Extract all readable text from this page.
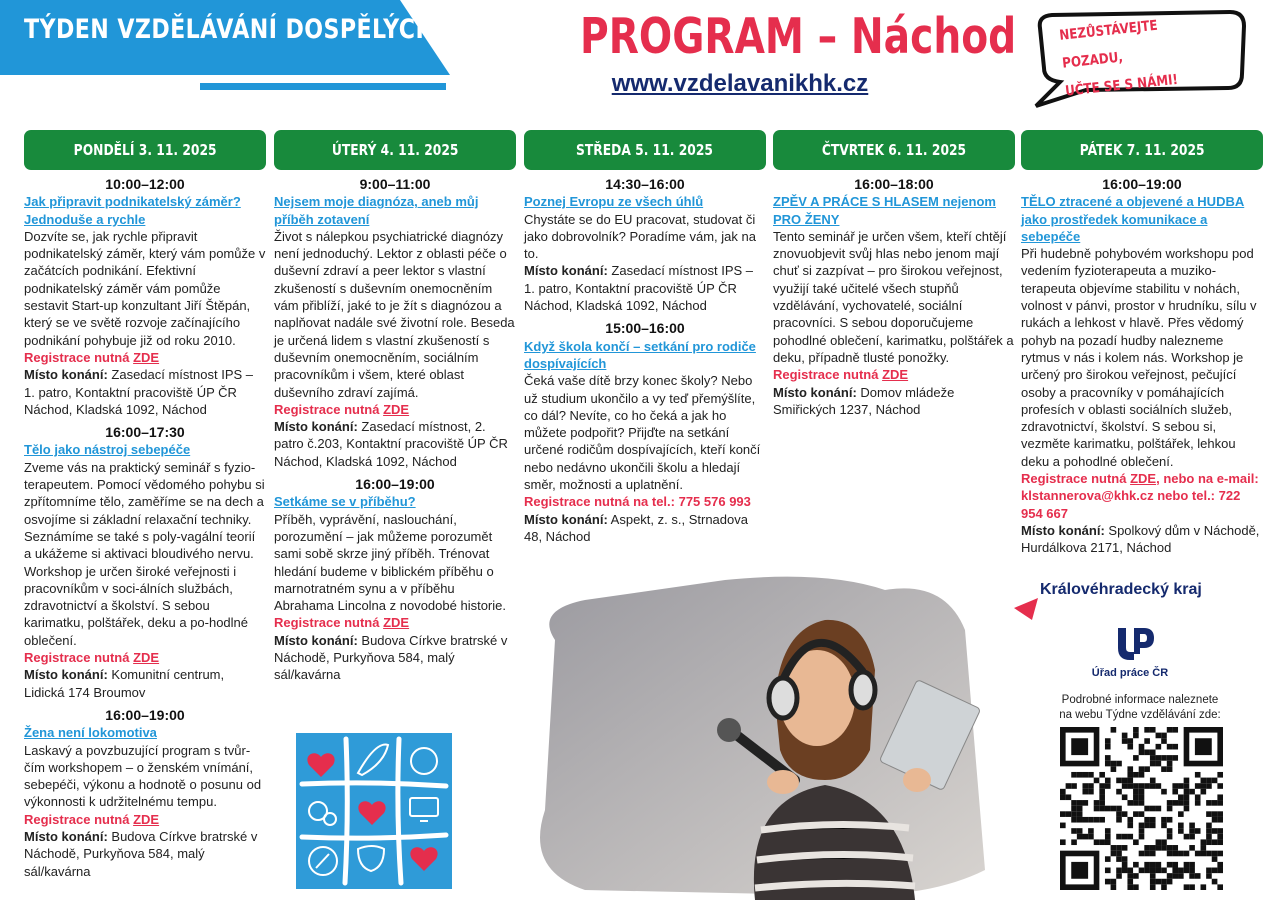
TÝDEN VZDĚLÁVÁNÍ DOSPĚLÝCH	PROGRAM – Náchod
www.vzdelavanikhk.cz
NEZŮSTÁVEJTE POZADU,
UČTE SE S NÁMI!
PONDĚLÍ 3. 11. 2025
10:00–12:00
Jak připravit podnikatelský záměr? Jednoduše a rychle
Dozvíte se, jak rychle připravit podnikatelský záměr, který vám pomůže v začátcích podnikání. Efektivní podnikatelský záměr vám pomůže sestavit Start-up konzultant Jiří Štěpán, který se ve světě rozvoje začínajícího podnikání pohybuje již od roku 2010.
Registrace nutná ZDE
Místo konání: Zasedací místnost IPS – 1. patro, Kontaktní pracoviště ÚP ČR Náchod, Kladská 1092, Náchod
16:00–17:30
Tělo jako nástroj sebepéče
Zveme vás na praktický seminář s fyzio-terapeutem. Pomocí vědomého pohybu si zpřítomníme tělo, zaměříme se na dech a osvojíme si základní relaxační techniky. Seznámíme se také s poly-vagální teorií a ukážeme si aktivaci bloudivého nervu. Workshop je určen široké veřejnosti i pracovníkům v soci-álních službách, zdravotnictví a školství. S sebou karimatku, polštářek, deku a po-hodlné oblečení.
Registrace nutná ZDE
Místo konání: Komunitní centrum, Lidická 174 Broumov
16:00–19:00
Žena není lokomotiva
Laskavý a povzbuzující program s tvůr-čím workshopem – o ženském vnímání, sebepéči, výkonu a hodnotě o posunu od výkonnosti k udržitelnému tempu.
Registrace nutná ZDE
Místo konání: Budova Církve bratrské v Náchodě, Purkyňova 584, malý sál/kavárna
ÚTERÝ 4. 11. 2025
9:00–11:00
Nejsem moje diagnóza, aneb můj příběh zotavení
Život s nálepkou psychiatrické diagnózy není jednoduchý. Lektor z oblasti péče o duševní zdraví a peer lektor s vlastní zkušeností s duševním onemocněním vám přiblíží, jaké to je žít s diagnózou a naplňovat nadále své životní role. Beseda je určená lidem s vlastní zkušeností s duševním onemocněním, sociálním pracovníkům i všem, které oblast duševního zdraví zajímá.
Registrace nutná ZDE
Místo konání: Zasedací místnost, 2. patro č.203, Kontaktní pracoviště ÚP ČR Náchod, Kladská 1092, Náchod
16:00–19:00
Setkáme se v příběhu?
Příběh, vyprávění, naslouchání, porozumění – jak můžeme porozumět sami sobě skrze jiný příběh. Trénovat hledání budeme v biblickém příběhu o marnotratném synu a v příběhu Abrahama Lincolna z novodobé historie.
Registrace nutná ZDE
Místo konání: Budova Církve bratrské v Náchodě, Purkyňova 584, malý sál/kavárna
STŘEDA 5. 11. 2025
14:30–16:00
Poznej Evropu ze všech úhlů
Chystáte se do EU pracovat, studovat či jako dobrovolník? Poradíme vám, jak na to.
Místo konání: Zasedací místnost IPS – 1. patro, Kontaktní pracoviště ÚP ČR Náchod, Kladská 1092, Náchod
15:00–16:00
Když škola končí – setkání pro rodiče dospívajících
Čeká vaše dítě brzy konec školy? Nebo už studium ukončilo a vy teď přemýšlíte, co dál? Nevíte, co ho čeká a jak ho můžete podpořit? Přijďte na setkání určené rodičům dospívajících, kteří končí nebo nedávno ukončili školu a hledají směr, možnosti a uplatnění.
Registrace nutná na tel.: 775 576 993
Místo konání: Aspekt, z. s., Strnadova 48, Náchod
ČTVRTEK 6. 11. 2025
16:00–18:00
ZPĚV A PRÁCE S HLASEM nejenom PRO ŽENY
Tento seminář je určen všem, kteří chtějí znovuobjevit svůj hlas nebo jenom mají chuť si zazpívat – pro širokou veřejnost, využijí také učitelé všech stupňů vzdělávání, vychovatelé, sociální pracovníci. S sebou doporučujeme pohodlné oblečení, karimatku, polštářek a deku, případně tlusté ponožky.
Registrace nutná ZDE
Místo konání: Domov mládeže Smiřických 1237, Náchod
PÁTEK 7. 11. 2025
16:00–19:00
TĚLO ztracené a objevené a HUDBA jako prostředek komunikace a sebepéče
Při hudebně pohybovém workshopu pod vedením fyzioterapeuta a muziko-terapeuta objevíme stabilitu v nohách, volnost v pánvi, prostor v hrudníku, sílu v rukách a lehkost v hlavě. Přes vědomý pohyb na pozadí hudby nalezneme rytmus v nás i kolem nás. Workshop je určený pro širokou veřejnost, pečující osoby a pracovníky v pomáhajících profesích v oblasti sociálních služeb, zdravotnictví, školství. S sebou si, vezměte karimatku, polštářek, lehkou deku a pohodlné oblečení.
Registrace nutná ZDE, nebo na e-mail: klstannerova@khk.cz nebo tel.: 722 954 667
Místo konání: Spolkový dům v Náchodě, Hurdálkova 2171, Náchod
Královéhradecký kraj
Úřad práce ČR
Podrobné informace naleznete
na webu Týdne vzdělávání zde:
